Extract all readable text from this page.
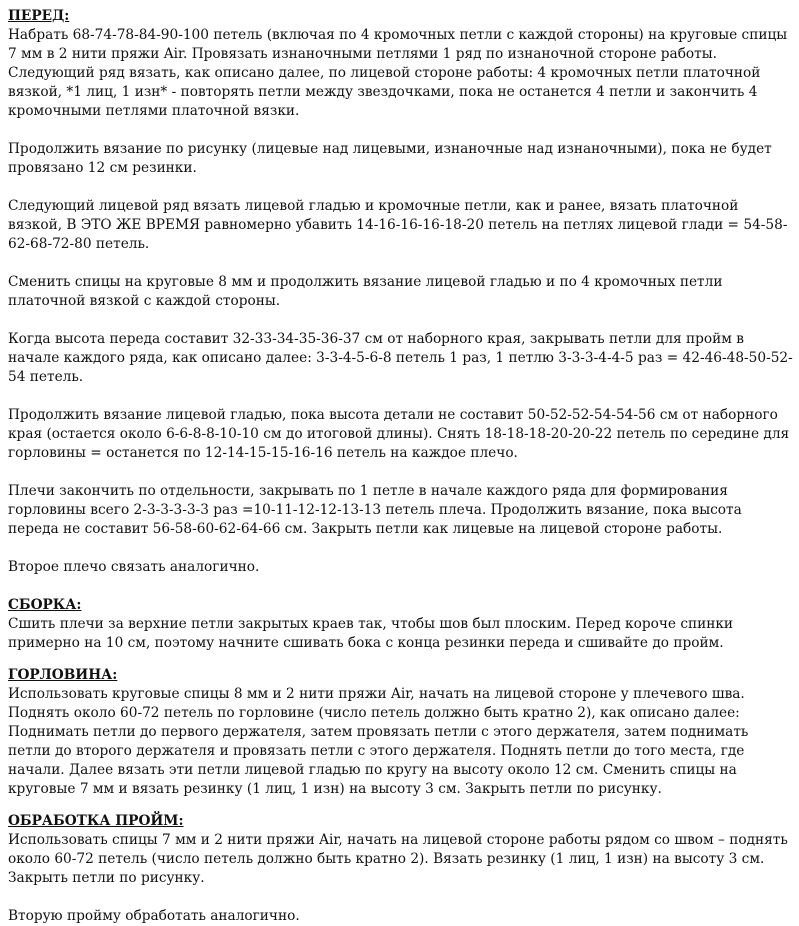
ПЕРЕД:

Набрать 68-74-78-84-90-100 петель (включая по 4 кромочных петли с каждой стороны) на круговые спицы 7 мм в 2 нити пряжи Air. Провязать изнаночными петлями 1 ряд по изнаночной стороне работы. Следующий ряд вязать, как описано далее, по лицевой стороне работы: 4 кромочных петли платочной вязкой, *1 лиц, 1 изн* - повторять петли между звездочками, пока не останется 4 петли и закончить 4 кромочными петлями платочной вязки.

Продолжить вязание по рисунку (лицевые над лицевыми, изнаночные над изнаночными), пока не будет провязано 12 см резинки.

Следующий лицевой ряд вязать лицевой гладью и кромочные петли, как и ранее, вязать платочной вязкой, В ЭТО ЖЕ ВРЕМЯ равномерно убавить 14-16-16-16-18-20 петель на петлях лицевой глади = 54-58-62-68-72-80 петель.

Сменить спицы на круговые 8 мм и продолжить вязание лицевой гладью и по 4 кромочных петли платочной вязкой с каждой стороны.

Когда высота переда составит 32-33-34-35-36-37 см от наборного края, закрывать петли для пройм в начале каждого ряда, как описано далее: 3-3-4-5-6-8 петель 1 раз, 1 петлю 3-3-3-4-4-5 раз = 42-46-48-50-52-54 петель.

Продолжить вязание лицевой гладью, пока высота детали не составит 50-52-52-54-54-56 см от наборного края (остается около 6-6-8-8-10-10 см до итоговой длины). Снять 18-18-18-20-20-22 петель по середине для горловины = останется по 12-14-15-15-16-16 петель на каждое плечо.

Плечи закончить по отдельности, закрывать по 1 петле в начале каждого ряда для формирования горловины всего 2-3-3-3-3-3 раз =10-11-12-12-13-13 петель плеча. Продолжить вязание, пока высота переда не составит 56-58-60-62-64-66 см. Закрыть петли как лицевые на лицевой стороне работы.

Второе плечо связать аналогично.

СБОРКА:

Сшить плечи за верхние петли закрытых краев так, чтобы шов был плоским. Перед короче спинки примерно на 10 см, поэтому начните сшивать бока с конца резинки переда и сшивайте до пройм.

ГОРЛОВИНА:

Использовать круговые спицы 8 мм и 2 нити пряжи Air, начать на лицевой стороне у плечевого шва. Поднять около 60-72 петель по горловине (число петель должно быть кратно 2), как описано далее: Поднимать петли до первого держателя, затем провязать петли с этого держателя, затем поднимать петли до второго держателя и провязать петли с этого держателя. Поднять петли до того места, где начали. Далее вязать эти петли лицевой гладью по кругу на высоту около 12 см. Сменить спицы на круговые 7 мм и вязать резинку (1 лиц, 1 изн) на высоту 3 см. Закрыть петли по рисунку.

ОБРАБОТКА ПРОЙМ:

Использовать спицы 7 мм и 2 нити пряжи Air, начать на лицевой стороне работы рядом со швом – поднять около 60-72 петель (число петель должно быть кратно 2). Вязать резинку (1 лиц, 1 изн) на высоту 3 см. Закрыть петли по рисунку.

Вторую пройму обработать аналогично.
